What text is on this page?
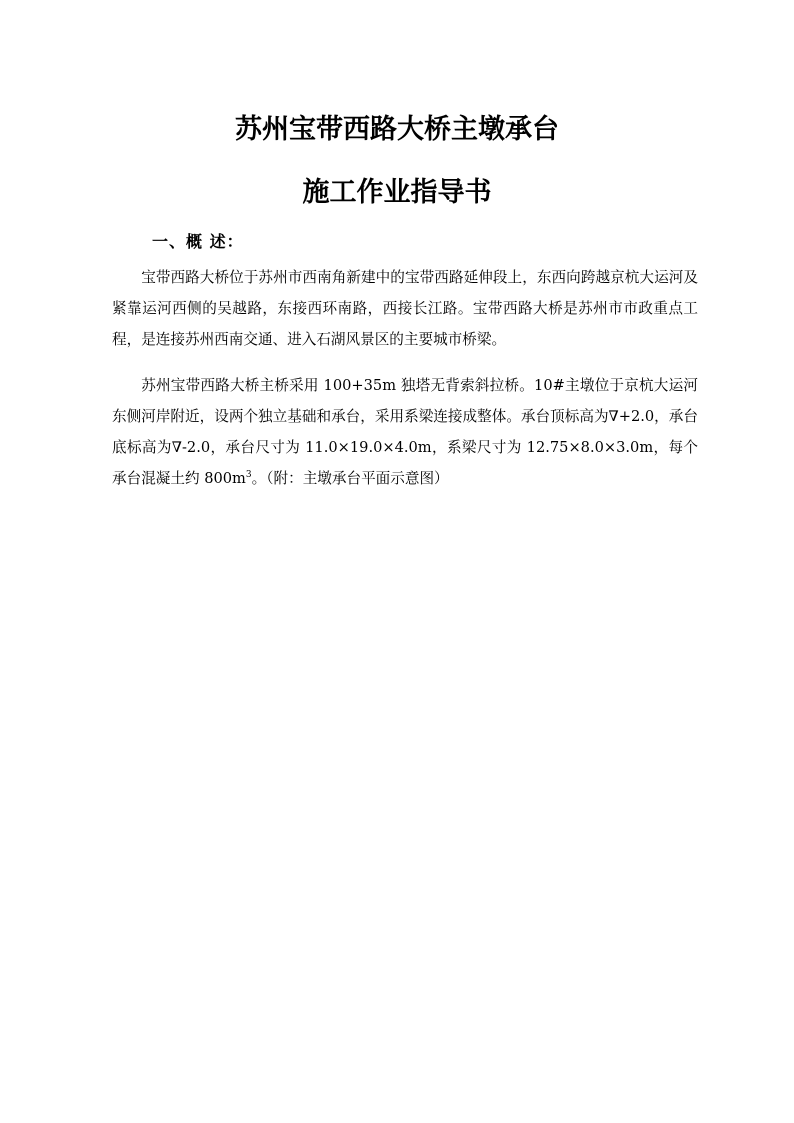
苏州宝带西路大桥主墩承台
施工作业指导书
一、概 述：

宝带西路大桥位于苏州市西南角新建中的宝带西路延伸段上，东西向跨越京杭大运河及紧靠运河西侧的吴越路，东接西环南路，西接长江路。宝带西路大桥是苏州市市政重点工程，是连接苏州西南交通、进入石湖风景区的主要城市桥梁。

苏州宝带西路大桥主桥采用 100+35m 独塔无背索斜拉桥。10#主墩位于京杭大运河东侧河岸附近，设两个独立基础和承台，采用系梁连接成整体。承台顶标高为∇+2.0，承台底标高为∇-2.0，承台尺寸为 11.0×19.0×4.0m，系梁尺寸为 12.75×8.0×3.0m，每个承台混凝土约 $800m^3$。（附：主墩承台平面示意图）
